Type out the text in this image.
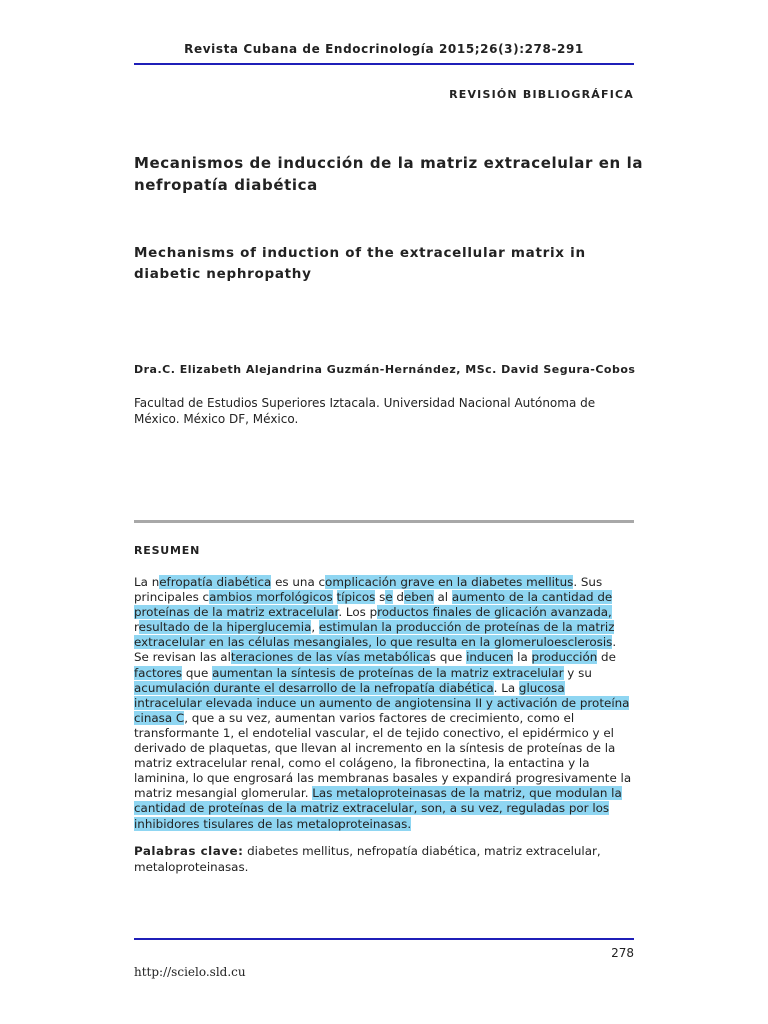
Revista Cubana de Endocrinología 2015;26(3):278-291
REVISIÓN BIBLIOGRÁFICA
Mecanismos de inducción de la matriz extracelular en la nefropatía diabética
Mechanisms of induction of the extracellular matrix in diabetic nephropathy
Dra.C. Elizabeth Alejandrina Guzmán-Hernández, MSc. David Segura-Cobos
Facultad de Estudios Superiores Iztacala. Universidad Nacional Autónoma de México. México DF, México.
RESUMEN
La nefropatía diabética es una complicación grave en la diabetes mellitus. Sus principales cambios morfológicos típicos se deben al aumento de la cantidad de proteínas de la matriz extracelular. Los productos finales de glicación avanzada, resultado de la hiperglucemia, estimulan la producción de proteínas de la matriz extracelular en las células mesangiales, lo que resulta en la glomeruloesclerosis. Se revisan las alteraciones de las vías metabólicas que inducen la producción de factores que aumentan la síntesis de proteínas de la matriz extracelular y su acumulación durante el desarrollo de la nefropatía diabética. La glucosa intracelular elevada induce un aumento de angiotensina II y activación de proteína cinasa C, que a su vez, aumentan varios factores de crecimiento, como el transformante 1, el endotelial vascular, el de tejido conectivo, el epidérmico y el derivado de plaquetas, que llevan al incremento en la síntesis de proteínas de la matriz extracelular renal, como el colágeno, la fibronectina, la entactina y la laminina, lo que engrosará las membranas basales y expandirá progresivamente la matriz mesangial glomerular. Las metaloproteinasas de la matriz, que modulan la cantidad de proteínas de la matriz extracelular, son, a su vez, reguladas por los inhibidores tisulares de las metaloproteinasas.
Palabras clave: diabetes mellitus, nefropatía diabética, matriz extracelular, metaloproteinasas.
278
http://scielo.sld.cu
